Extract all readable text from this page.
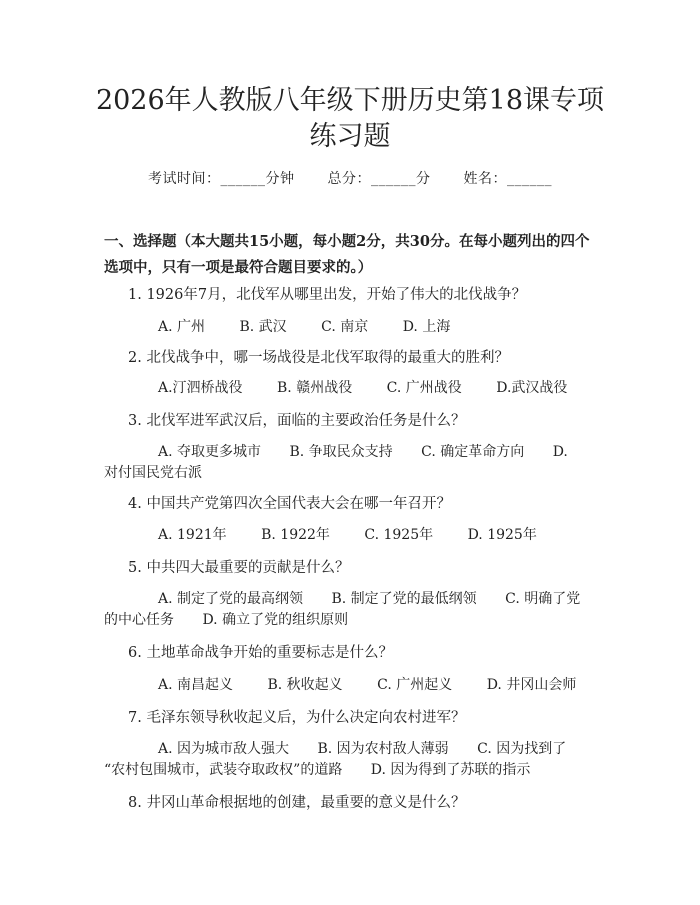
2026年人教版八年级下册历史第18课专项
练习题
考试时间：______分钟 总分：______分 姓名：______
一、选择题（本大题共15小题，每小题2分，共30分。在每小题列出的四个选项中，只有一项是最符合题目要求的。）
1. 1926年7月，北伐军从哪里出发，开始了伟大的北伐战争？
A. 广州 B. 武汉 C. 南京 D. 上海
2. 北伐战争中，哪一场战役是北伐军取得的最重大的胜利？
A.汀泗桥战役 B. 赣州战役 C. 广州战役 D.武汉战役
3. 北伐军进军武汉后，面临的主要政治任务是什么？
A. 夺取更多城市 B. 争取民众支持 C. 确定革命方向 D.
对付国民党右派
4. 中国共产党第四次全国代表大会在哪一年召开？
A. 1921年 B. 1922年 C. 1925年 D. 1925年
5. 中共四大最重要的贡献是什么？
A. 制定了党的最高纲领 B. 制定了党的最低纲领 C. 明确了党
的中心任务 D. 确立了党的组织原则
6. 土地革命战争开始的重要标志是什么？
A. 南昌起义 B. 秋收起义 C. 广州起义 D. 井冈山会师
7. 毛泽东领导秋收起义后，为什么决定向农村进军？
A. 因为城市敌人强大 B. 因为农村敌人薄弱 C. 因为找到了
“农村包围城市，武装夺取政权”的道路 D. 因为得到了苏联的指示
8. 井冈山革命根据地的创建，最重要的意义是什么？
